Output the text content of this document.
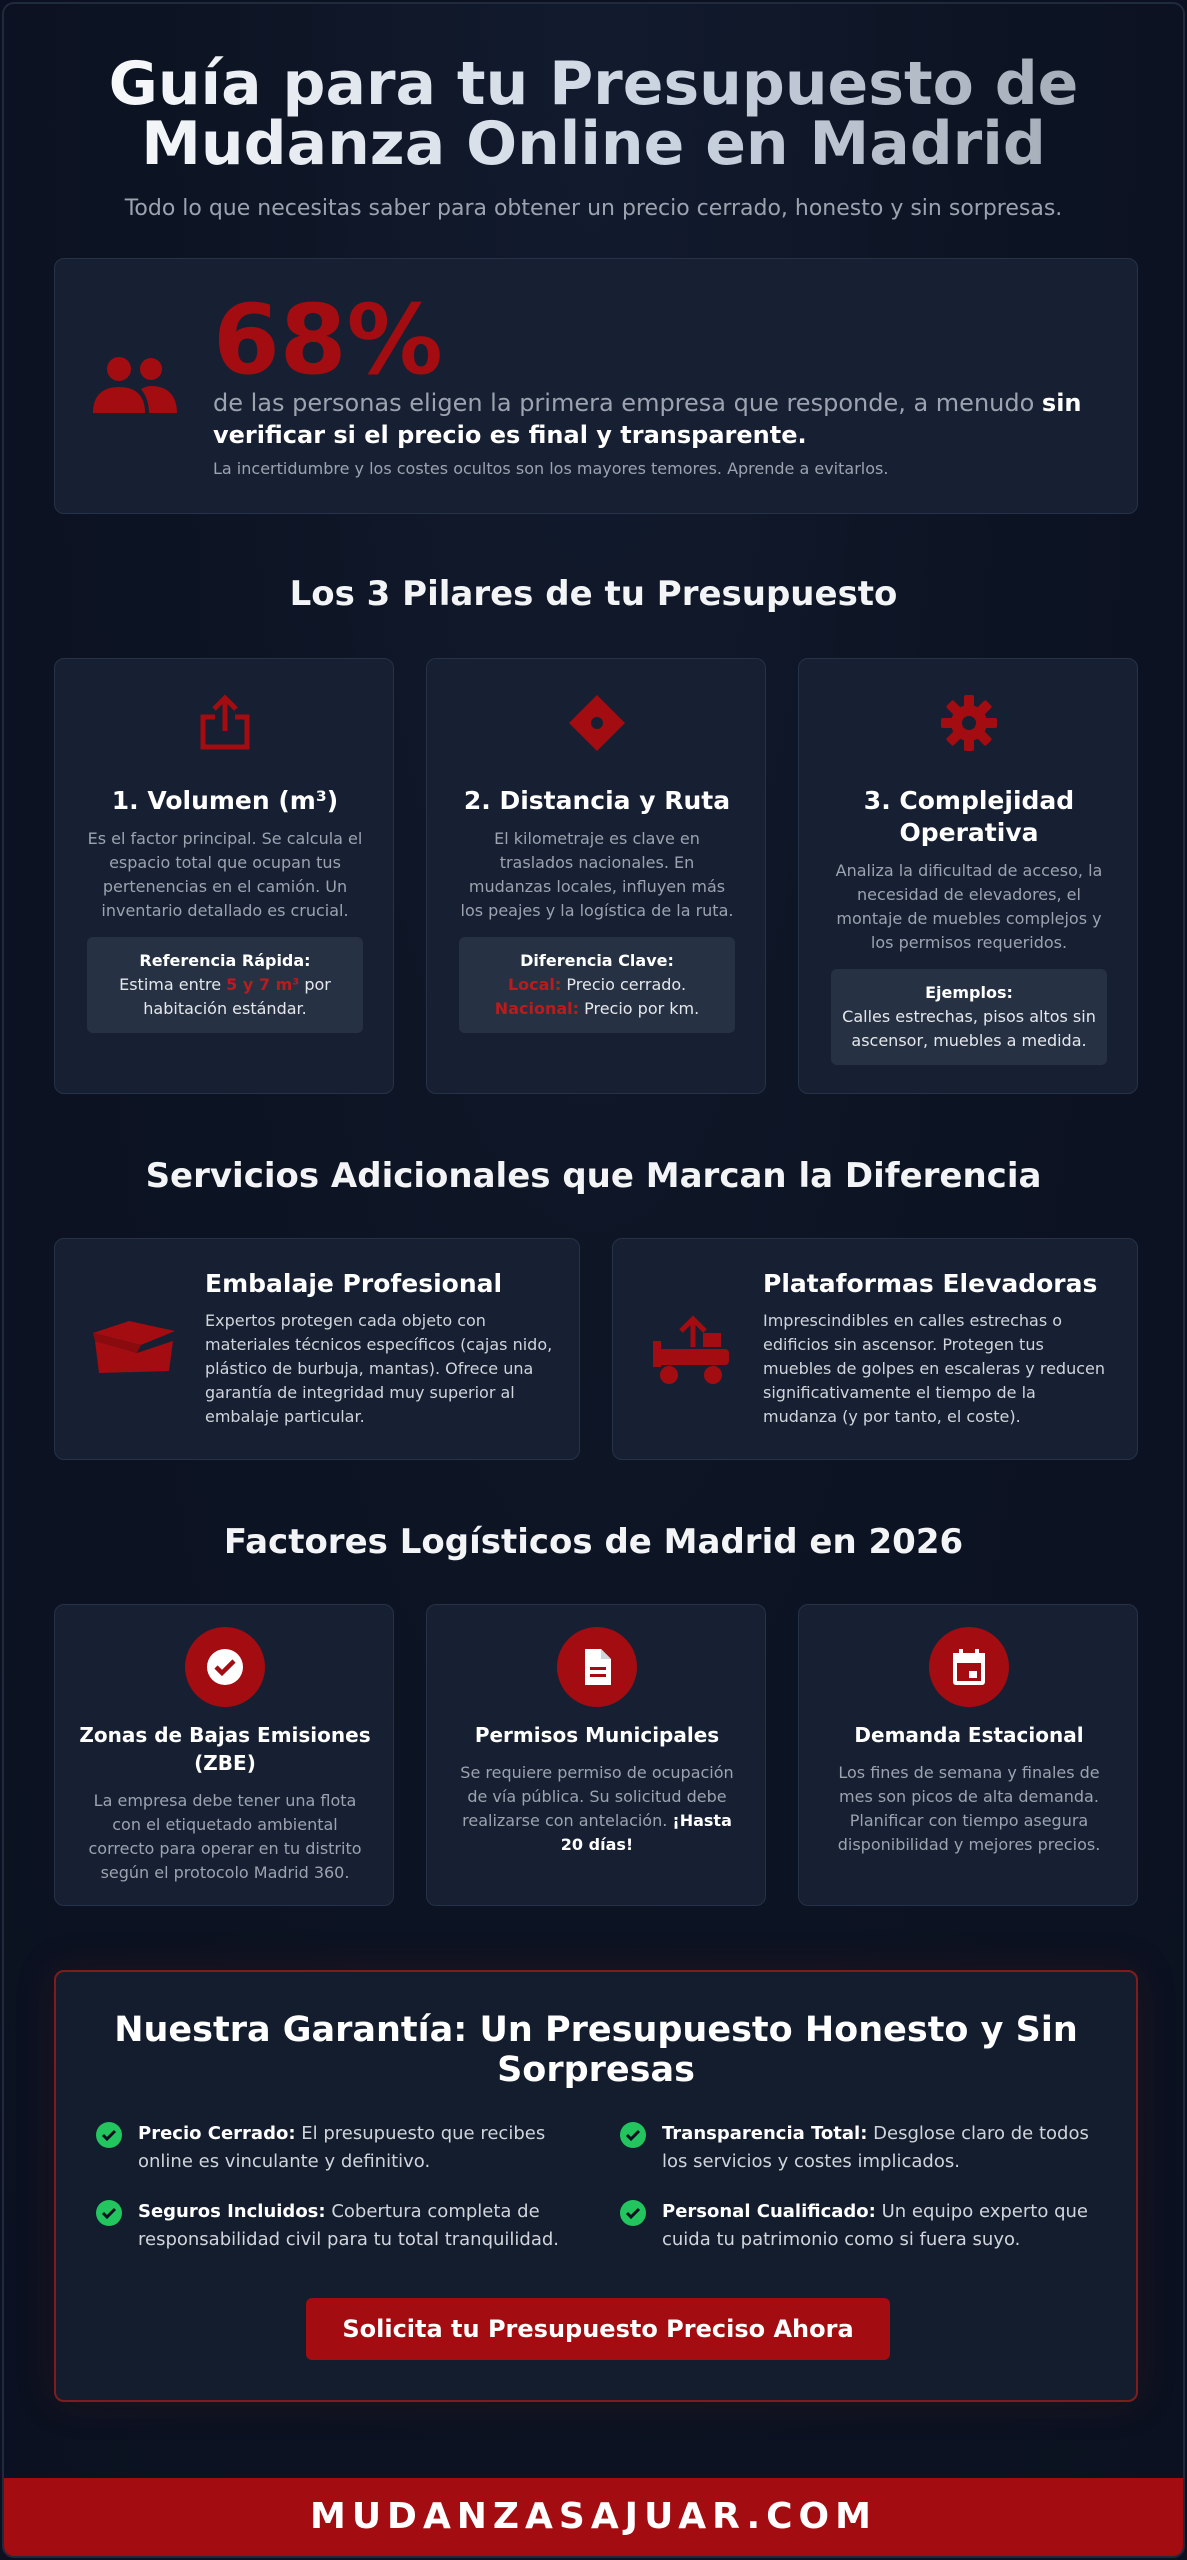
Guía para tu Presupuesto de
Mudanza Online en Madrid
Todo lo que necesitas saber para obtener un precio cerrado, honesto y sin sorpresas.
68%
de las personas eligen la primera empresa que responde, a menudo sin verificar si el precio es final y transparente.
La incertidumbre y los costes ocultos son los mayores temores. Aprende a evitarlos.
Los 3 Pilares de tu Presupuesto
1. Volumen (m³)
Es el factor principal. Se calcula el espacio total que ocupan tus pertenencias en el camión. Un inventario detallado es crucial.
Referencia Rápida:
Estima entre 5 y 7 m³ por habitación estándar.
2. Distancia y Ruta
El kilometraje es clave en traslados nacionales. En mudanzas locales, influyen más los peajes y la logística de la ruta.
Diferencia Clave:
Local: Precio cerrado.
Nacional: Precio por km.
3. Complejidad Operativa
Analiza la dificultad de acceso, la necesidad de elevadores, el montaje de muebles complejos y los permisos requeridos.
Ejemplos:
Calles estrechas, pisos altos sin ascensor, muebles a medida.
Servicios Adicionales que Marcan la Diferencia
Embalaje Profesional
Expertos protegen cada objeto con materiales técnicos específicos (cajas nido, plástico de burbuja, mantas). Ofrece una garantía de integridad muy superior al embalaje particular.
Plataformas Elevadoras
Imprescindibles en calles estrechas o edificios sin ascensor. Protegen tus muebles de golpes en escaleras y reducen significativamente el tiempo de la mudanza (y por tanto, el coste).
Factores Logísticos de Madrid en 2026
Zonas de Bajas Emisiones (ZBE)
La empresa debe tener una flota con el etiquetado ambiental correcto para operar en tu distrito según el protocolo Madrid 360.
Permisos Municipales
Se requiere permiso de ocupación de vía pública. Su solicitud debe realizarse con antelación. ¡Hasta 20 días!
Demanda Estacional
Los fines de semana y finales de mes son picos de alta demanda. Planificar con tiempo asegura disponibilidad y mejores precios.
Nuestra Garantía: Un Presupuesto Honesto y Sin
Sorpresas
Precio Cerrado: El presupuesto que recibes online es vinculante y definitivo.
Transparencia Total: Desglose claro de todos los servicios y costes implicados.
Seguros Incluidos: Cobertura completa de responsabilidad civil para tu total tranquilidad.
Personal Cualificado: Un equipo experto que cuida tu patrimonio como si fuera suyo.
Solicita tu Presupuesto Preciso Ahora
MUDANZASAJUAR.COM
